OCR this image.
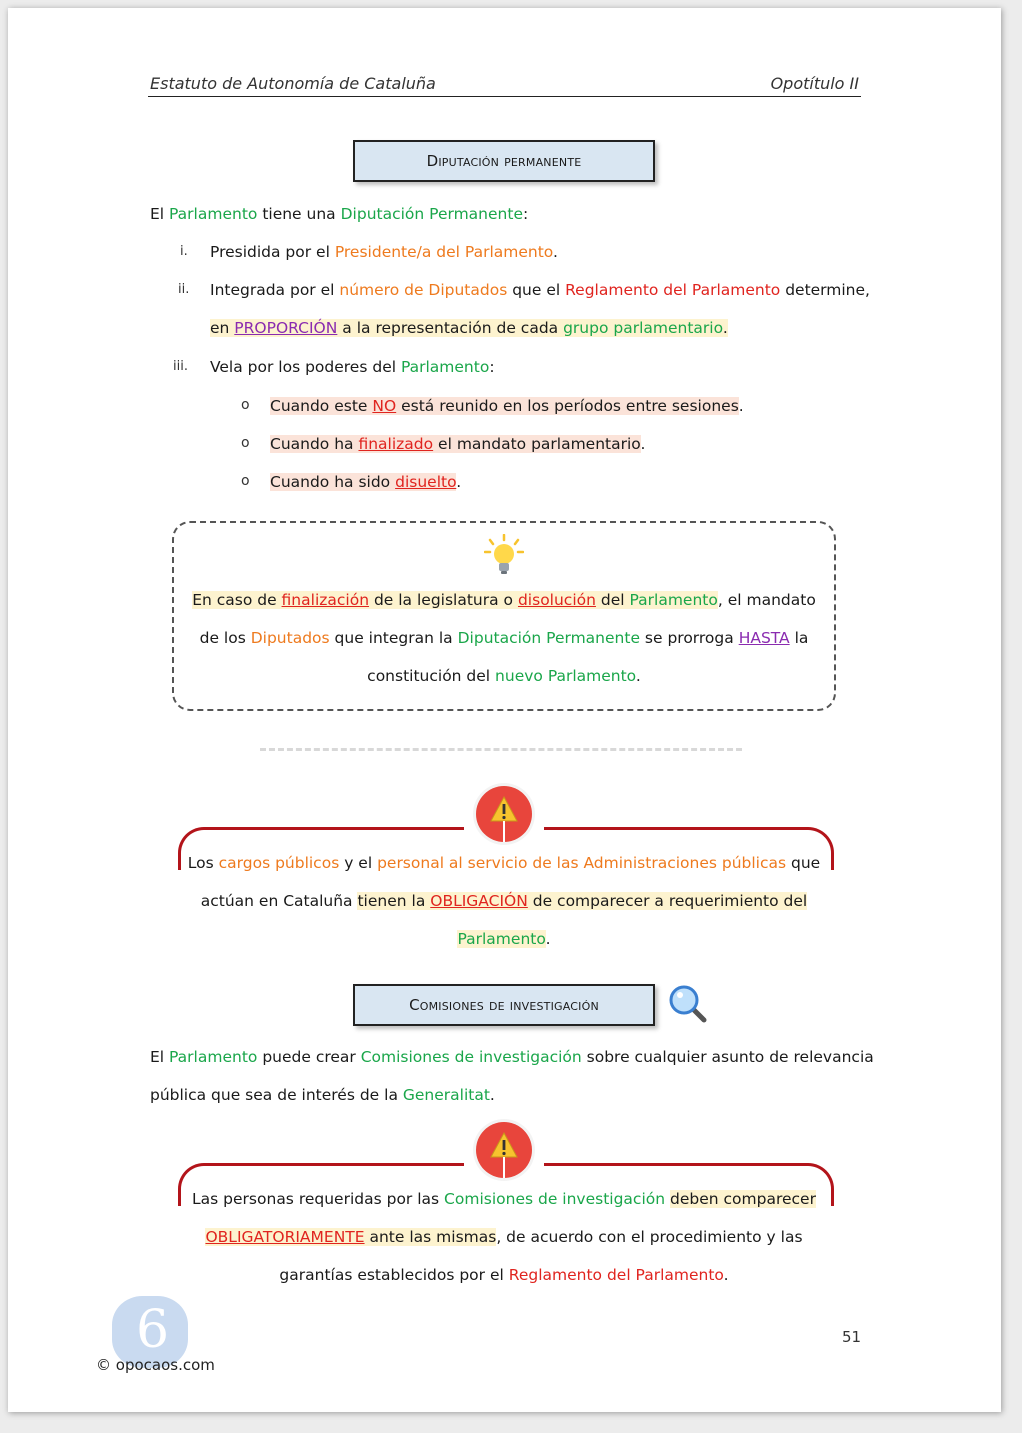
Estatuto de Autonomía de Cataluña	Opotítulo II
Diputación permanente
El Parlamento tiene una Diputación Permanente:
i. Presidida por el Presidente/a del Parlamento.
ii. Integrada por el número de Diputados que el Reglamento del Parlamento determine,
en PROPORCIÓN a la representación de cada grupo parlamentario.
iii. Vela por los poderes del Parlamento:
o Cuando este NO está reunido en los períodos entre sesiones.
o Cuando ha finalizado el mandato parlamentario.
o Cuando ha sido disuelto.
En caso de finalización de la legislatura o disolución del Parlamento, el mandato
de los Diputados que integran la Diputación Permanente se prorroga HASTA la
constitución del nuevo Parlamento.
Los cargos públicos y el personal al servicio de las Administraciones públicas que
actúan en Cataluña tienen la OBLIGACIÓN de comparecer a requerimiento del
Parlamento.
Comisiones de investigación
El Parlamento puede crear Comisiones de investigación sobre cualquier asunto de relevancia
pública que sea de interés de la Generalitat.
Las personas requeridas por las Comisiones de investigación deben comparecer
OBLIGATORIAMENTE ante las mismas, de acuerdo con el procedimiento y las
garantías establecidos por el Reglamento del Parlamento.
6
© opocaos.com
51
